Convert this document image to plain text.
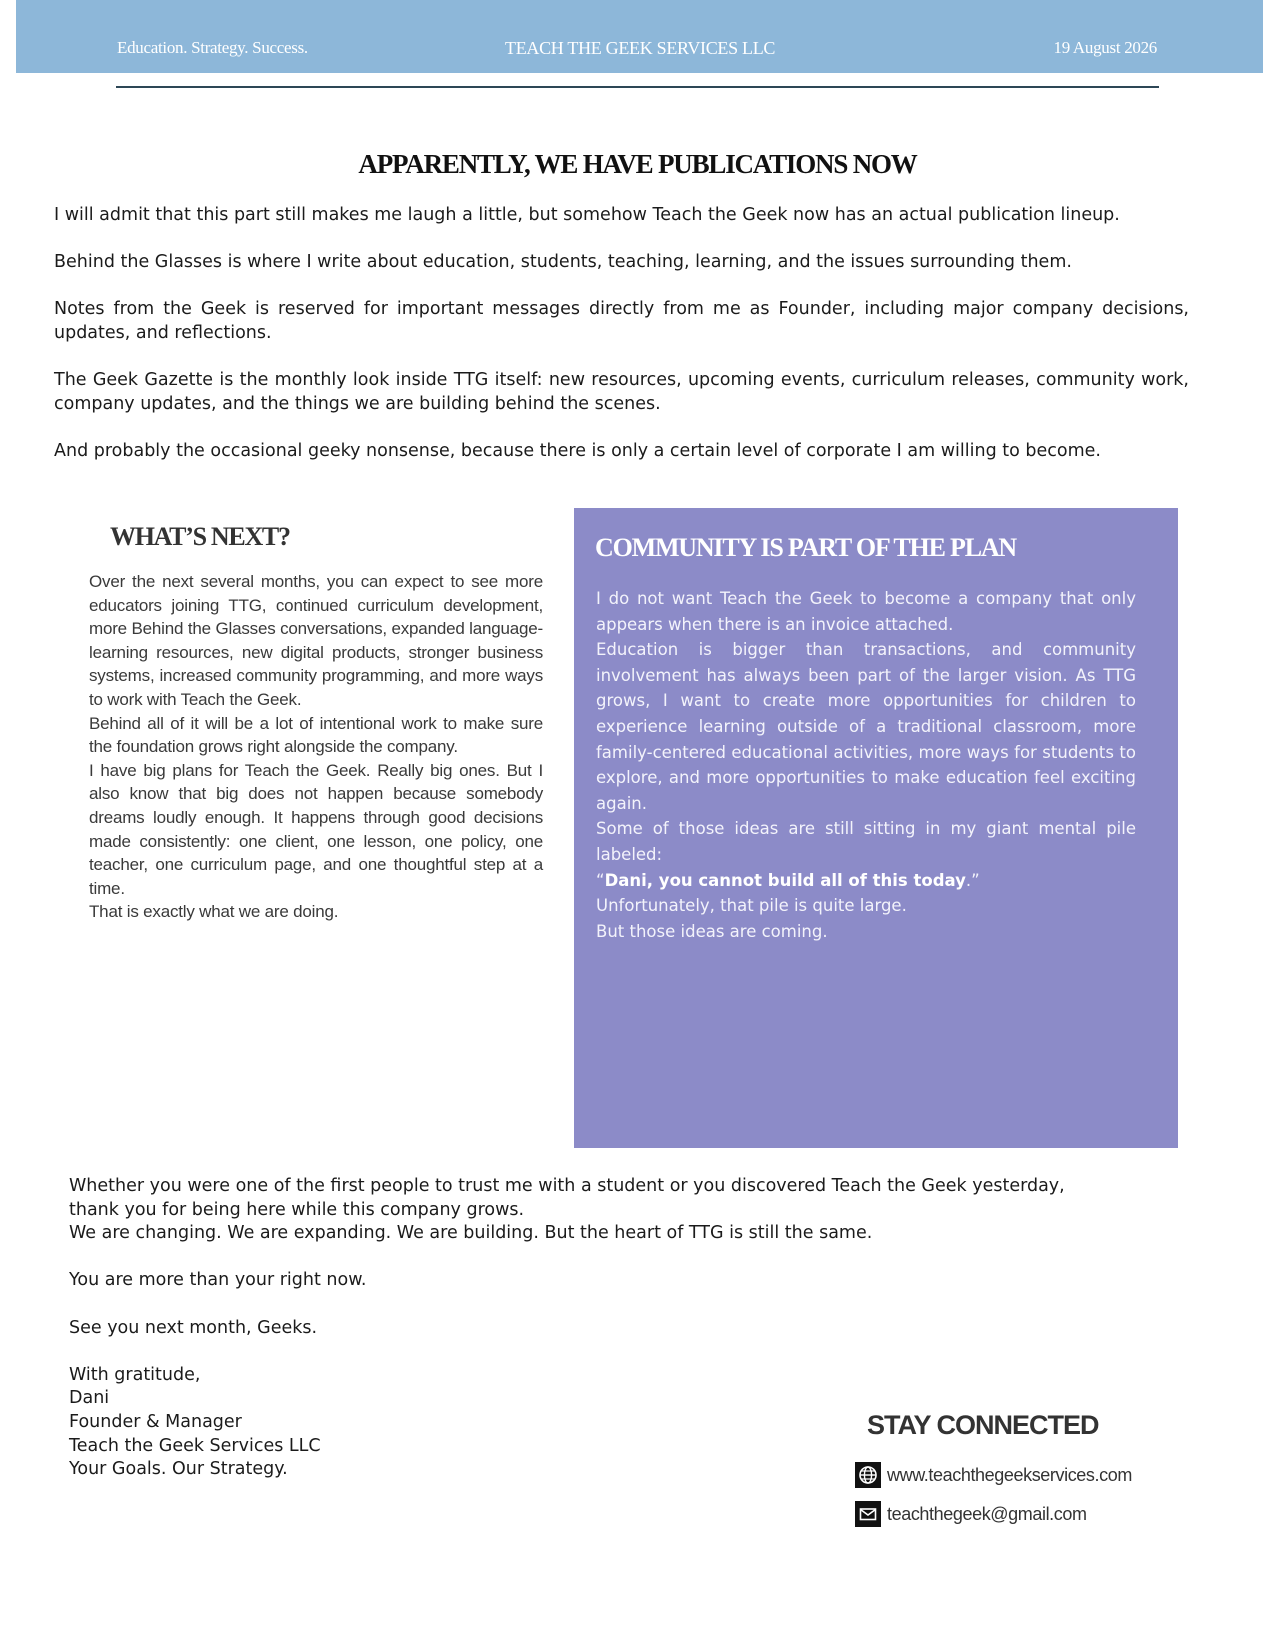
Education. Strategy. Success.	TEACH THE GEEK SERVICES LLC	19 August 2026
APPARENTLY, WE HAVE PUBLICATIONS NOW

I will admit that this part still makes me laugh a little, but somehow Teach the Geek now has an actual publication lineup.

Behind the Glasses is where I write about education, students, teaching, learning, and the issues surrounding them.

Notes from the Geek is reserved for important messages directly from me as Founder, including major company decisions, updates, and reflections.

The Geek Gazette is the monthly look inside TTG itself: new resources, upcoming events, curriculum releases, community work, company updates, and the things we are building behind the scenes.

And probably the occasional geeky nonsense, because there is only a certain level of corporate I am willing to become.

WHAT’S NEXT?

Over the next several months, you can expect to see more educators joining TTG, continued curriculum development, more Behind the Glasses conversations, expanded language-learning resources, new digital products, stronger business systems, increased community programming, and more ways to work with Teach the Geek.

Behind all of it will be a lot of intentional work to make sure the foundation grows right alongside the company.

I have big plans for Teach the Geek. Really big ones. But I also know that big does not happen because somebody dreams loudly enough. It happens through good decisions made consistently: one client, one lesson, one policy, one teacher, one curriculum page, and one thoughtful step at a time.

That is exactly what we are doing.

COMMUNITY IS PART OF THE PLAN

I do not want Teach the Geek to become a company that only appears when there is an invoice attached.

Education is bigger than transactions, and community involvement has always been part of the larger vision. As TTG grows, I want to create more opportunities for children to experience learning outside of a traditional classroom, more family-centered educational activities, more ways for students to explore, and more opportunities to make education feel exciting again.

Some of those ideas are still sitting in my giant mental pile labeled:

“Dani, you cannot build all of this today.”

Unfortunately, that pile is quite large.

But those ideas are coming.

Whether you were one of the first people to trust me with a student or you discovered Teach the Geek yesterday,

thank you for being here while this company grows.

We are changing. We are expanding. We are building. But the heart of TTG is still the same.

You are more than your right now.

See you next month, Geeks.

With gratitude,

Dani

Founder & Manager

Teach the Geek Services LLC

Your Goals. Our Strategy.

STAY CONNECTED
www.teachthegeekservices.com
teachthegeek@gmail.com
